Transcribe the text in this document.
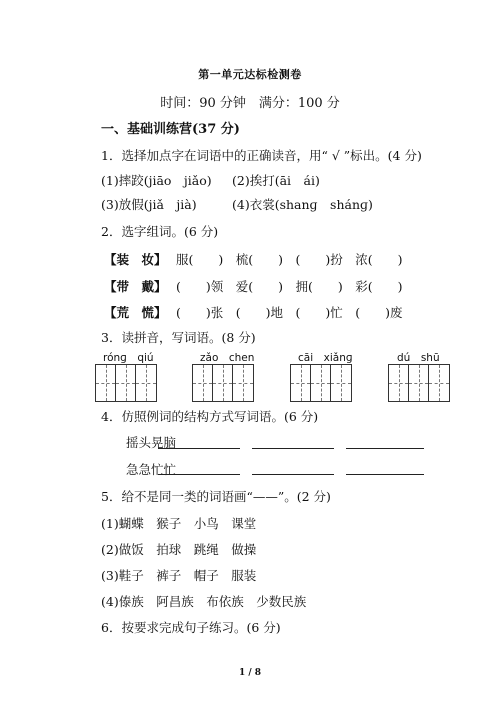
第一单元达标检测卷
时间：90 分钟　满分：100 分
一、基础训练营(37 分)
1．选择加点字在词语中的正确读音，用“ √ ”标出。(4 分)
(1)摔跤(jiāo　jiǎo) (2)挨打(āi　ái)
(3)放假(jiǎ　jià)	(4)衣裳(shanɡ　shánɡ)
2．选字组词。(6 分)
【装　妆】 服(　　)　梳(　　)　(　　)扮　浓(　　)
【带　戴】 (　　)领　爱(　　)　拥(　　)　彩(　　)
【荒　慌】 (　　)张　(　　)地　(　　)忙　(　　)废
3．读拼音，写词语。(8 分)
rónɡ　qiú	zǎo　chen	cāi　xiǎnɡ	dú　shū
4．仿照例词的结构方式写词语。(6 分)
摇头晃脑
急急忙忙
5．给不是同一类的词语画“——”。(2 分)
(1)蝴蝶　猴子　小鸟　课堂
(2)做饭　拍球　跳绳　做操
(3)鞋子　裤子　帽子　服装
(4)傣族　阿昌族　布依族　少数民族
6．按要求完成句子练习。(6 分)
1 / 8
